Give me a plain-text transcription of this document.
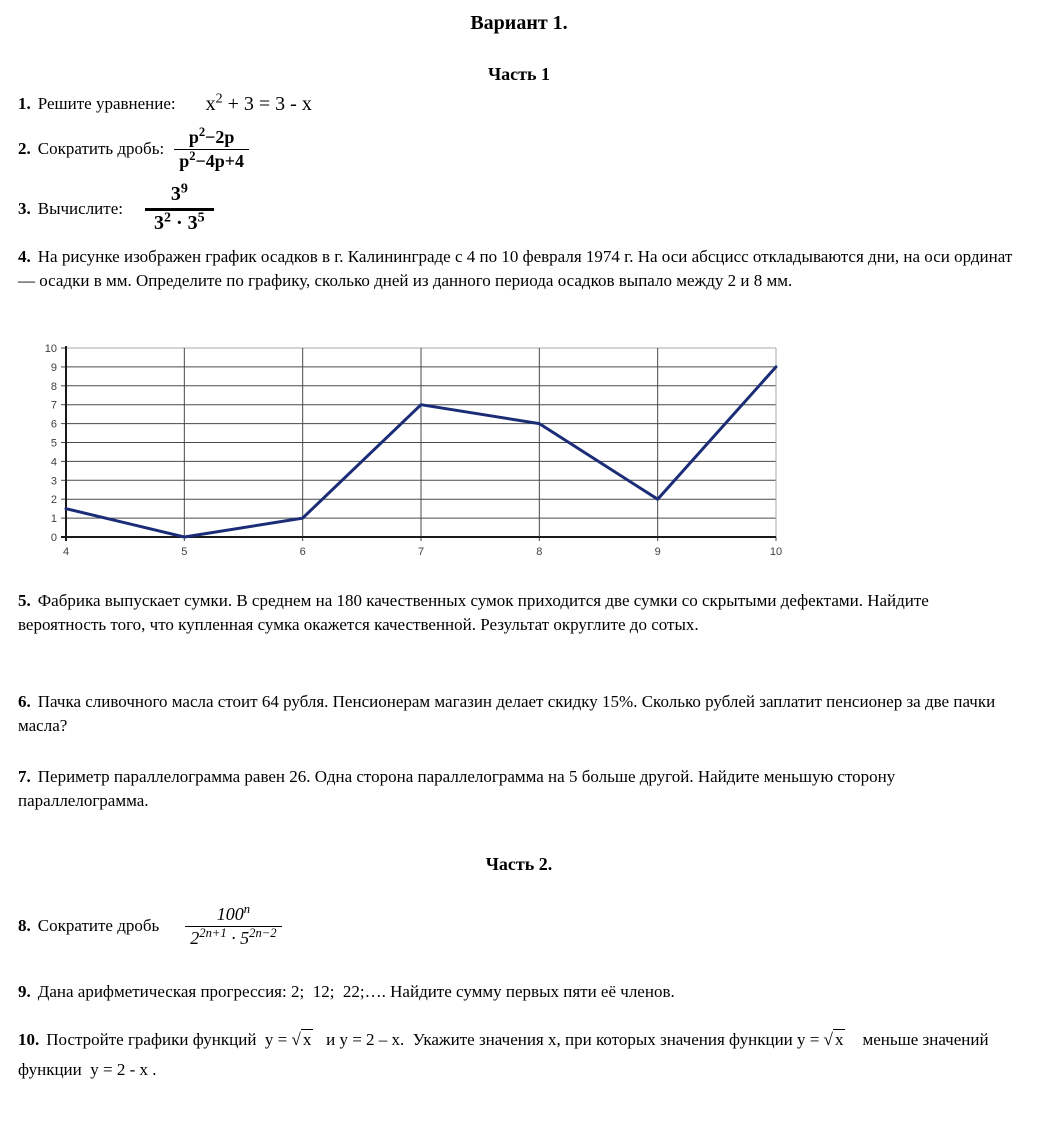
Вариант 1.
Часть 1
1. Решите уравнение: $x^2 + 3 = 3 - x$
2. Сократить дробь: $\frac{p^2-2p}{p^2-4p+4}$
3. Вычислите: $\frac{3^9}{3^2 \cdot 3^5}$
4. На рисунке изображен график осадков в г. Калининграде с 4 по 10 февраля 1974 г. На оси абсцисс откладываются дни, на оси ординат — осадки в мм. Определите по графику, сколько дней из данного периода осадков выпало между 2 и 8 мм.
0
1
2
3
4
5
6
7
8
9
10
4	5	6	7	8	9	10
5. Фабрика выпускает сумки. В среднем на 180 качественных сумок приходится две сумки со скрытыми дефектами. Найдите вероятность того, что купленная сумка окажется качественной. Результат округлите до сотых.
6. Пачка сливочного масла стоит 64 рубля. Пенсионерам магазин делает скидку 15%. Сколько рублей заплатит пенсионер за две пачки масла?
7. Периметр параллелограмма равен 26. Одна сторона параллелограмма на 5 больше другой. Найдите меньшую сторону параллелограмма.
Часть 2.
8. Сократите дробь $\frac{100^n}{2^{2n+1} \cdot 5^{2n-2}}$
9. Дана арифметическая прогрессия: 2;  12;  22;…. Найдите сумму первых пяти её членов.
10. Постройте графики функций  y = √ x   и y = 2 – x.  Укажите значения x, при которых значения функции y = √ x    меньше значений функции  y = 2 - x .
